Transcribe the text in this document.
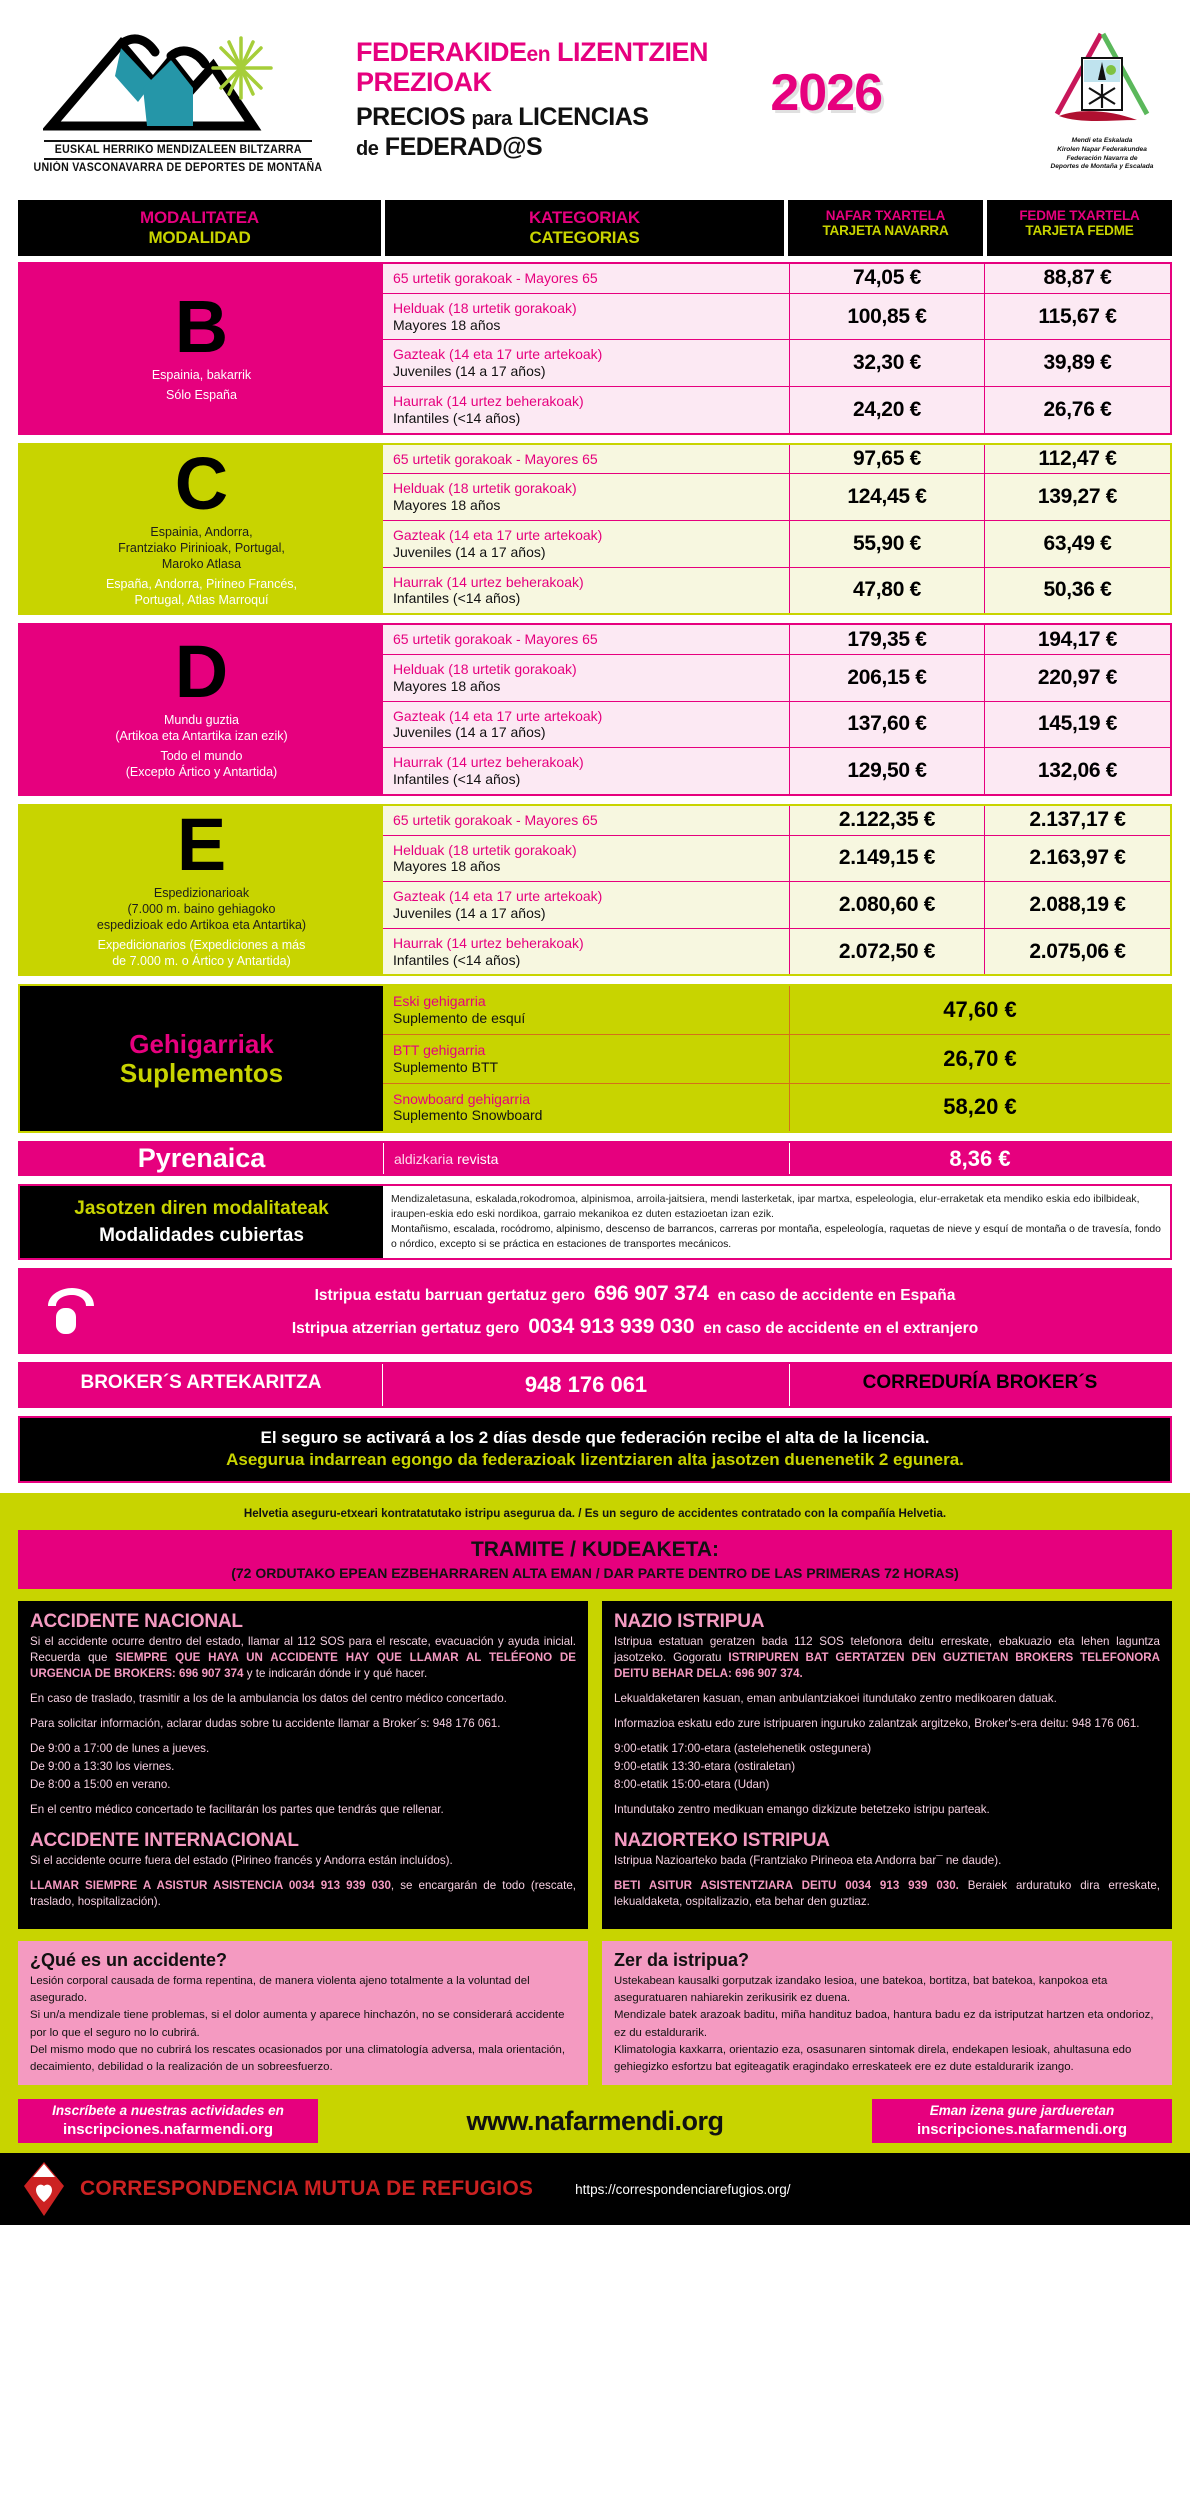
EUSKAL HERRIKO MENDIZALEEN BILTZARRA
UNIÓN VASCONAVARRA DE DEPORTES DE MONTAÑA
FEDERAKIDEen LIZENTZIEN
PREZIOAK
PRECIOS para LICENCIAS
de FEDERAD@S
2026
Mendi eta Eskalada
Kirolen Napar Federakundea
Federación Navarra de
Deportes de Montaña y Escalada
MODALITATEA
MODALIDAD
KATEGORIAK
CATEGORIAS
NAFAR TXARTELA
TARJETA NAVARRA
FEDME TXARTELA
TARJETA FEDME
B
Espainia, bakarrik
Sólo España
65 urtetik gorakoak - Mayores 65	74,05 €	88,87 €
Helduak (18 urtetik gorakoak)
Mayores 18 años	100,85 €	115,67 €
Gazteak (14 eta 17 urte artekoak)
Juveniles (14 a 17 años)	32,30 €	39,89 €
Haurrak (14 urtez beherakoak)
Infantiles (<14 años)	24,20 €	26,76 €
C
Espainia, Andorra,
Frantziako Pirinioak, Portugal,
Maroko Atlasa
España, Andorra, Pirineo Francés,
Portugal, Atlas Marroquí
65 urtetik gorakoak - Mayores 65	97,65 €	112,47 €
Helduak (18 urtetik gorakoak)
Mayores 18 años	124,45 €	139,27 €
Gazteak (14 eta 17 urte artekoak)
Juveniles (14 a 17 años)	55,90 €	63,49 €
Haurrak (14 urtez beherakoak)
Infantiles (<14 años)	47,80 €	50,36 €
D
Mundu guztia
(Artikoa eta Antartika izan ezik)
Todo el mundo
(Excepto Ártico y Antartida)
65 urtetik gorakoak - Mayores 65	179,35 €	194,17 €
Helduak (18 urtetik gorakoak)
Mayores 18 años	206,15 €	220,97 €
Gazteak (14 eta 17 urte artekoak)
Juveniles (14 a 17 años)	137,60 €	145,19 €
Haurrak (14 urtez beherakoak)
Infantiles (<14 años)	129,50 €	132,06 €
E
Espedizionarioak
(7.000 m. baino gehiagoko
espedizioak edo Artikoa eta Antartika)
Expedicionarios (Expediciones a más
de 7.000 m. o Ártico y Antartida)
65 urtetik gorakoak - Mayores 65	2.122,35 €	2.137,17 €
Helduak (18 urtetik gorakoak)
Mayores 18 años	2.149,15 €	2.163,97 €
Gazteak (14 eta 17 urte artekoak)
Juveniles (14 a 17 años)	2.080,60 €	2.088,19 €
Haurrak (14 urtez beherakoak)
Infantiles (<14 años)	2.072,50 €	2.075,06 €
Gehigarriak
Suplementos
Eski gehigarria
Suplemento de esquí	47,60 €
BTT gehigarria
Suplemento BTT	26,70 €
Snowboard gehigarria
Suplemento Snowboard	58,20 €
Pyrenaica	aldizkaria revista	8,36 €
Jasotzen diren modalitateak
Modalidades cubiertas

Mendizaletasuna, eskalada,rokodromoa, alpinismoa, arroila-jaitsiera, mendi lasterketak, ipar martxa, espeleologia, elur-erraketak eta mendiko eskia edo ibilbideak, iraupen-eskia edo eski nordikoa, garraio mekanikoa ez duten estazioetan izan ezik.

Montañismo, escalada, rocódromo, alpinismo, descenso de barrancos, carreras por montaña, espeleología, raquetas de nieve y esquí de montaña o de travesía, fondo o nórdico, excepto si se práctica en estaciones de transportes mecánicos.

Istripua estatu barruan gertatuz gero 696 907 374 en caso de accidente en España
Istripua atzerrian gertatuz gero 0034 913 939 030 en caso de accidente en el extranjero
BROKER´S ARTEKARITZA	948 176 061	CORREDURÍA BROKER´S
El seguro se activará a los 2 días desde que federación recibe el alta de la licencia.
Asegurua indarrean egongo da federazioak lizentziaren alta jasotzen duenenetik 2 egunera.
Helvetia aseguru-etxeari kontratatutako istripu asegurua da. / Es un seguro de accidentes contratado con la compañía Helvetia.
TRAMITE / KUDEAKETA:
(72 ORDUTAKO EPEAN EZBEHARRAREN ALTA EMAN / DAR PARTE DENTRO DE LAS PRIMERAS 72 HORAS)
ACCIDENTE NACIONAL

Si el accidente ocurre dentro del estado, llamar al 112 SOS para el rescate, evacuación y ayuda inicial. Recuerda que SIEMPRE QUE HAYA UN ACCIDENTE HAY QUE LLAMAR AL TELÉFONO DE URGENCIA DE BROKERS: 696 907 374 y te indicarán dónde ir y qué hacer.

En caso de traslado, trasmitir a los de la ambulancia los datos del centro médico concertado.

Para solicitar información, aclarar dudas sobre tu accidente llamar a Broker´s: 948 176 061.

De 9:00 a 17:00 de lunes a jueves.

De 9:00 a 13:30 los viernes.

De 8:00 a 15:00 en verano.

En el centro médico concertado te facilitarán los partes que tendrás que rellenar.

ACCIDENTE INTERNACIONAL

Si el accidente ocurre fuera del estado (Pirineo francés y Andorra están incluídos).

LLAMAR SIEMPRE A ASISTUR ASISTENCIA 0034 913 939 030, se encargarán de todo (rescate, traslado, hospitalización).

NAZIO ISTRIPUA

Istripua estatuan geratzen bada 112 SOS telefonora deitu erreskate, ebakuazio eta lehen laguntza jasotzeko. Gogoratu ISTRIPUREN BAT GERTATZEN DEN GUZTIETAN BROKERS TELEFONORA DEITU BEHAR DELA: 696 907 374.

Lekualdaketaren kasuan, eman anbulantziakoei itundutako zentro medikoaren datuak.

Informazioa eskatu edo zure istripuaren inguruko zalantzak argitzeko, Broker's-era deitu: 948 176 061.

9:00-etatik 17:00-etara (astelehenetik ostegunera)

9:00-etatik 13:30-etara (ostiraletan)

8:00-etatik 15:00-etara (Udan)

Intundutako zentro medikuan emango dizkizute betetzeko istripu parteak.

NAZIORTEKO ISTRIPUA

Istripua Nazioarteko bada (Frantziako Pirineoa eta Andorra bar¯ ne daude).

BETI ASITUR ASISTENTZIARA DEITU 0034 913 939 030. Beraiek arduratuko dira erreskate, lekualdaketa, ospitalizazio, eta behar den guztiaz.

¿Qué es un accidente?

Lesión corporal causada de forma repentina, de manera violenta ajeno totalmente a la voluntad del asegurado.
Si un/a mendizale tiene problemas, si el dolor aumenta y aparece hinchazón, no se considerará accidente por lo que el seguro no lo cubrirá.
Del mismo modo que no cubrirá los rescates ocasionados por una climatología adversa, mala orientación, decaimiento, debilidad o la realización de un sobreesfuerzo.

Zer da istripua?

Ustekabean kausalki gorputzak izandako lesioa, une batekoa, bortitza, bat batekoa, kanpokoa eta aseguratuaren nahiarekin zerikusirik ez duena.
Mendizale batek arazoak baditu, miña handituz badoa, hantura badu ez da istriputzat hartzen eta ondorioz, ez du estaldurarik.
Klimatologia kaxkarra, orientazio eza, osasunaren sintomak direla, endekapen lesioak, ahultasuna edo gehiegizko esfortzu bat egiteagatik eragindako erreskateek ere ez dute estaldurarik izango.

Inscríbete a nuestras actividades en
inscripciones.nafarmendi.org	www.nafarmendi.org	Eman izena gure jardueretan
inscripciones.nafarmendi.org
CORRESPONDENCIA MUTUA DE REFUGIOS	https://correspondenciarefugios.org/
